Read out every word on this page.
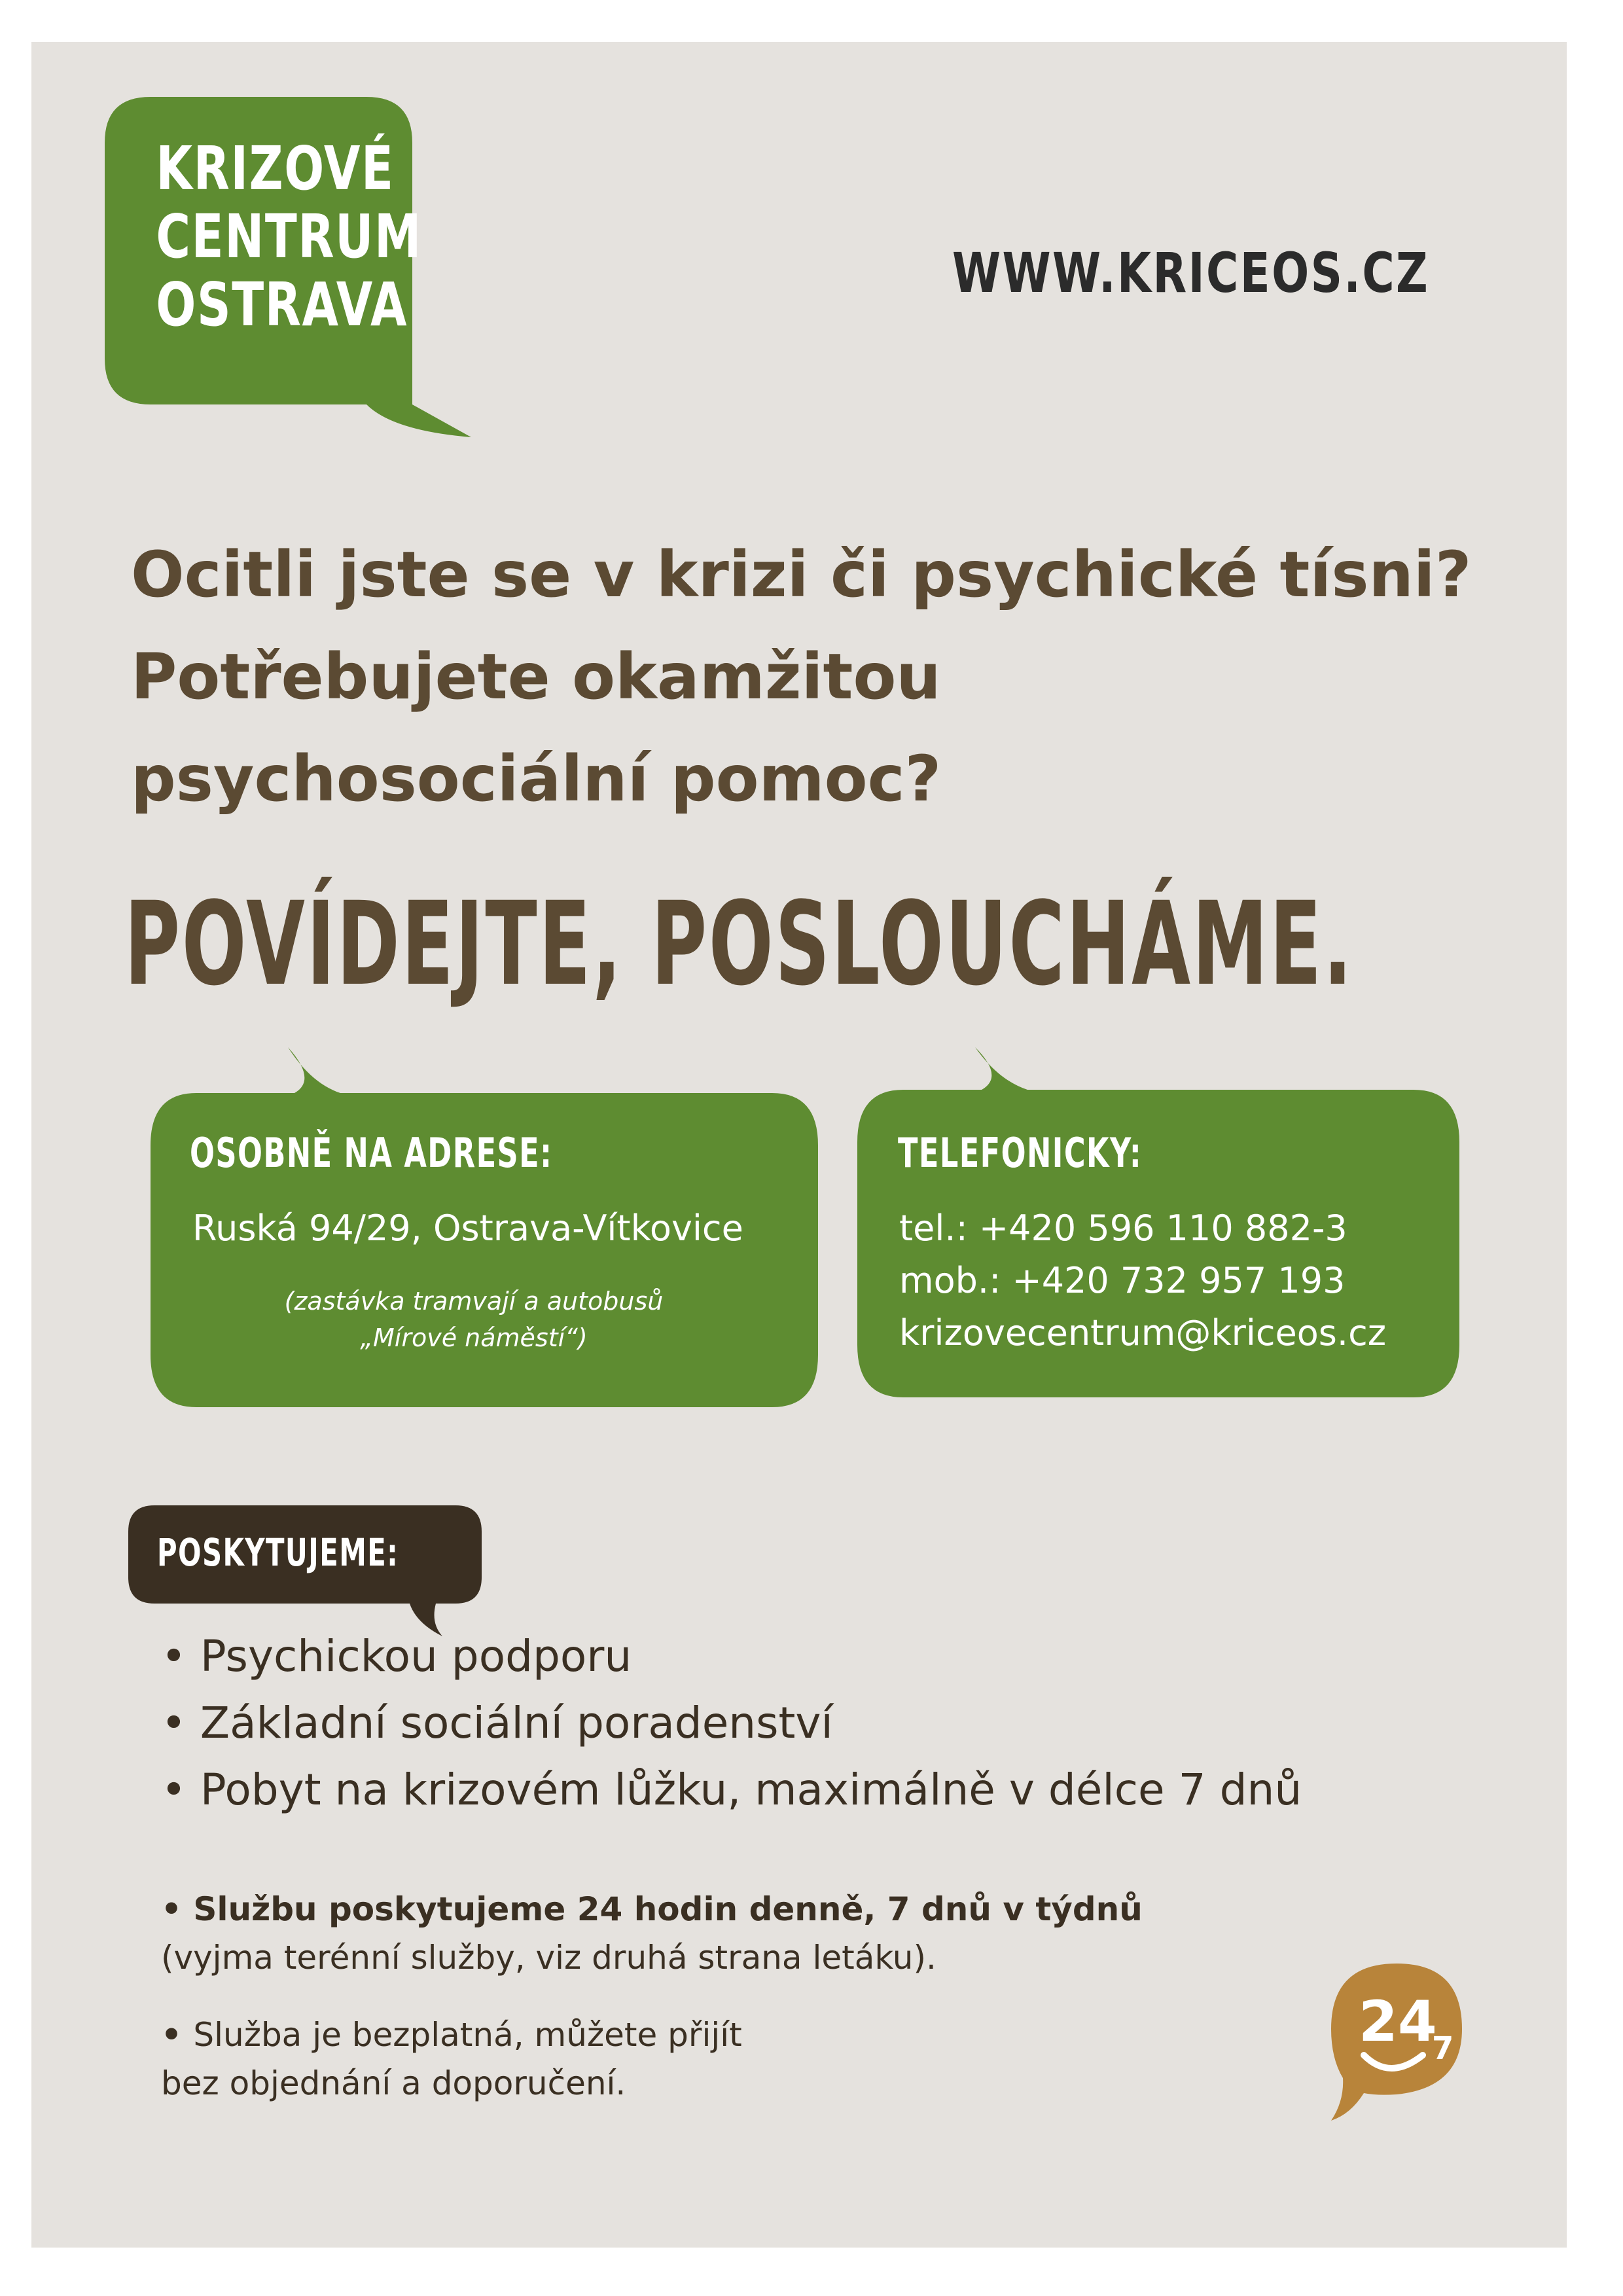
KRIZOVÉ
CENTRUM
OSTRAVA	WWW.KRICEOS.CZ
Ocitli jste se v krizi či psychické tísni?
Potřebujete okamžitou
psychosociální pomoc?
POVÍDEJTE, POSLOUCHÁME.
OSOBNĚ NA ADRESE:
Ruská 94/29, Ostrava-Vítkovice
(zastávka tramvají a autobusů
„Mírové náměstí“)
TELEFONICKY:
tel.: +420 596 110 882-3
mob.: +420 732 957 193
krizovecentrum@kriceos.cz
POSKYTUJEME:
• Psychickou podporu
• Základní sociální poradenství
• Pobyt na krizovém lůžku, maximálně v délce 7 dnů
• Službu poskytujeme 24 hodin denně, 7 dnů v týdnů
(vyjma terénní služby, viz druhá strana letáku).
• Služba je bezplatná, můžete přijít
bez objednání a doporučení.
24
7
